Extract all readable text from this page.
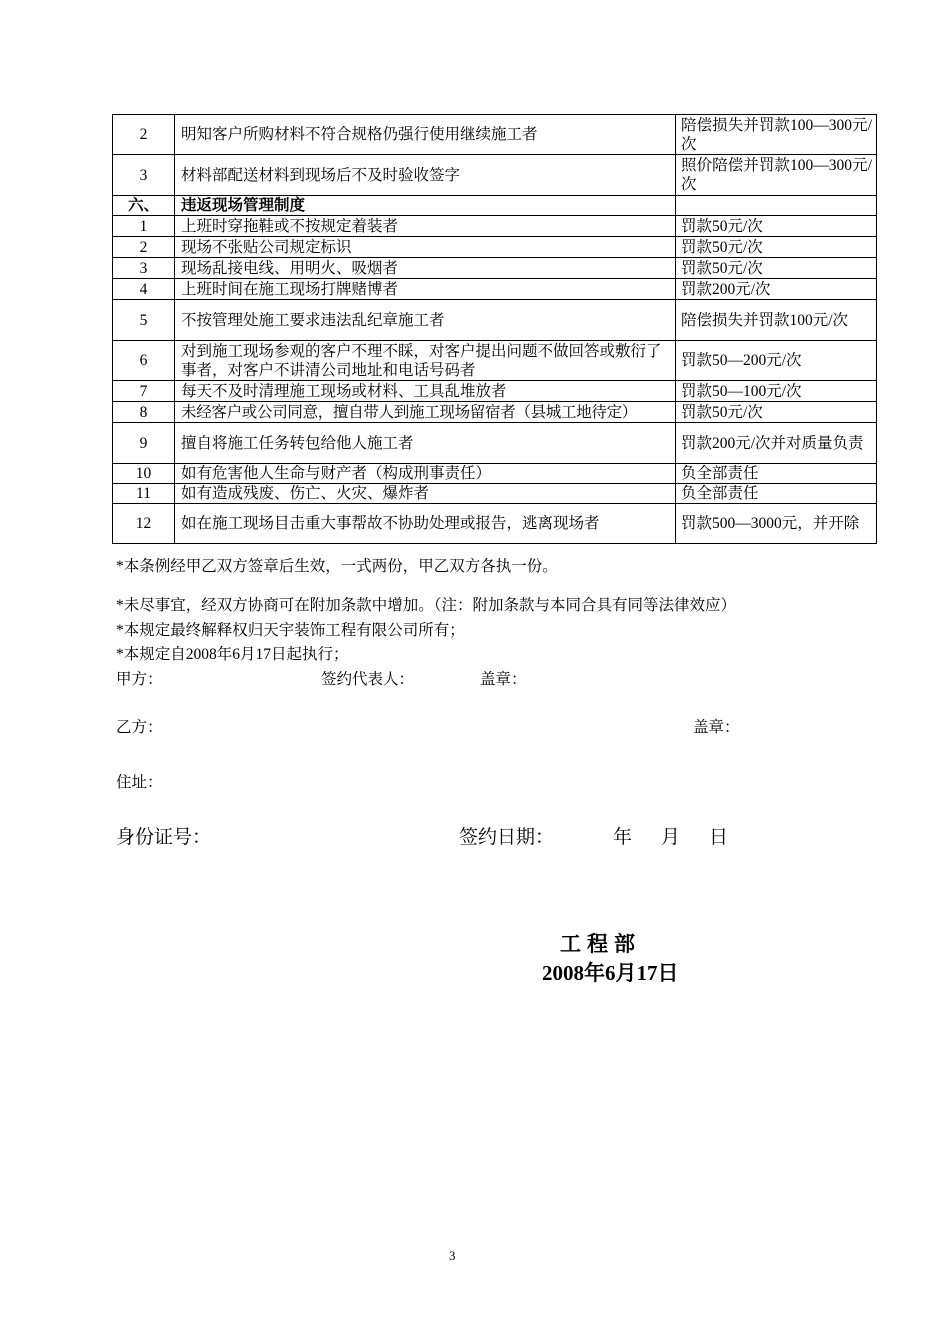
2	明知客户所购材料不符合规格仍强行使用继续施工者	陪偿损失并罚款100—300元/次
3	材料部配送材料到现场后不及时验收签字	照价陪偿并罚款100—300元/次
六、	违返现场管理制度	
1	上班时穿拖鞋或不按规定着装者	罚款50元/次
2	现场不张贴公司规定标识	罚款50元/次
3	现场乱接电线、用明火、吸烟者	罚款50元/次
4	上班时间在施工现场打牌赌博者	罚款200元/次
5	不按管理处施工要求违法乱纪章施工者	陪偿损失并罚款100元/次
6	对到施工现场参观的客户不理不睬，对客户提出问题不做回答或敷衍了事者，对客户不讲清公司地址和电话号码者	罚款50—200元/次
7	每天不及时清理施工现场或材料、工具乱堆放者	罚款50—100元/次
8	未经客户或公司同意，擅自带人到施工现场留宿者（县城工地待定）	罚款50元/次
9	擅自将施工任务转包给他人施工者	罚款200元/次并对质量负责
10	如有危害他人生命与财产者（构成刑事责任）	负全部责任
11	如有造成残废、伤亡、火灾、爆炸者	负全部责任
12	如在施工现场目击重大事帮故不协助处理或报告，逃离现场者	罚款500—3000元，并开除
*本条例经甲乙双方签章后生效，一式两份，甲乙双方各执一份。
*未尽事宜，经双方协商可在附加条款中增加。（注：附加条款与本同合具有同等法律效应）
*本规定最终解释权归天宇装饰工程有限公司所有；
*本规定自2008年6月17日起执行；
甲方：	签约代表人：	盖章：
乙方：	盖章：
住址：
身份证号：	签约日期：	年 月 日
工程部
2008年6月17日
3
